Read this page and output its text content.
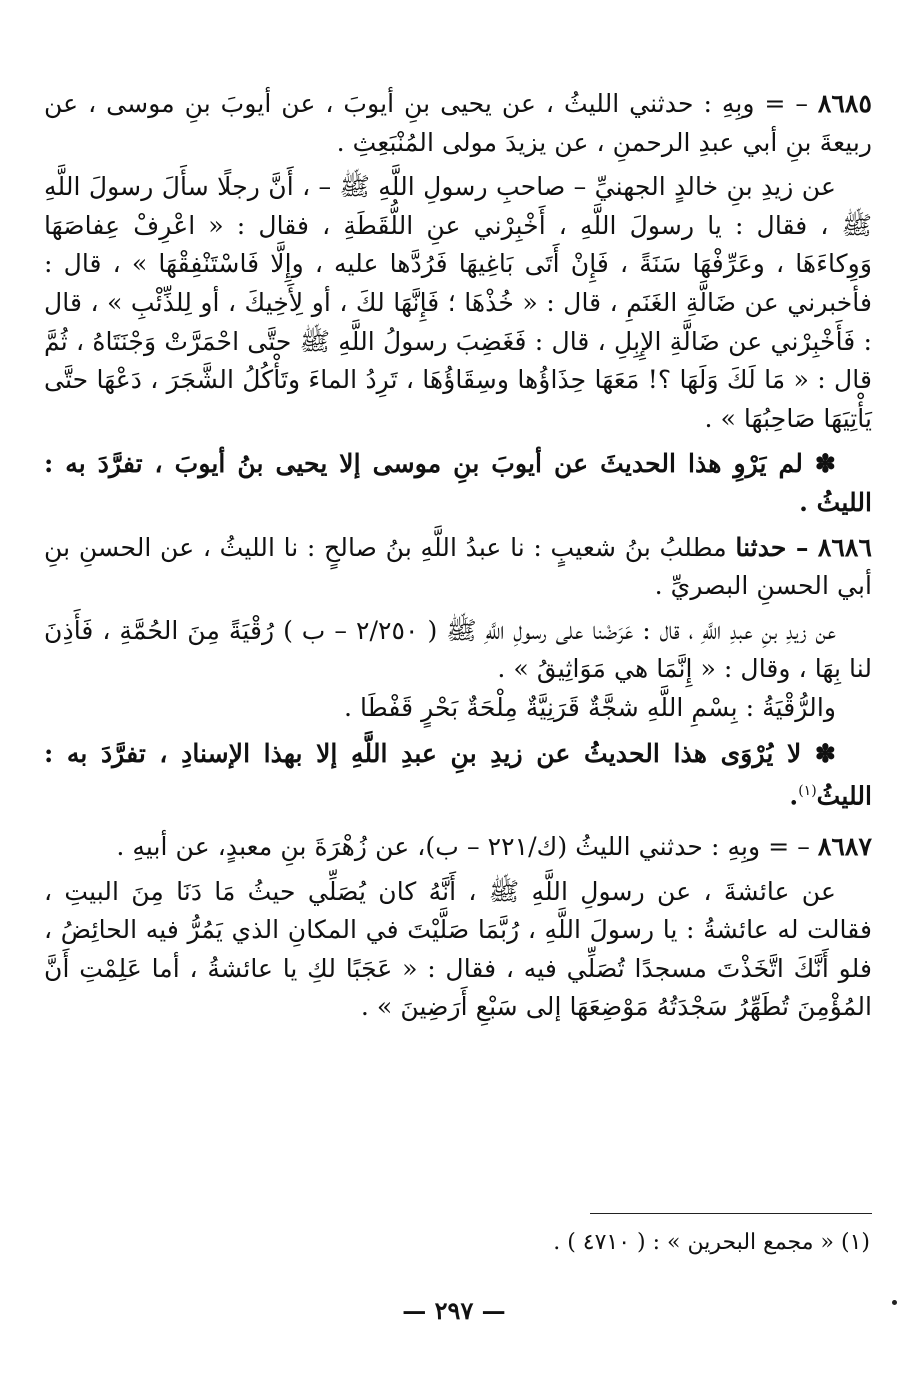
٨٦٨٥ – = وبِهِ : حدثني الليثُ ، عن يحيى بنِ أيوبَ ، عن أيوبَ بنِ موسى ، عن ربيعةَ بنِ أبي عبدِ الرحمنِ ، عن يزيدَ مولى المُنْبَعِثِ .

عن زيدِ بنِ خالدٍ الجهنيِّ – صاحبِ رسولِ اللَّهِ ﷺ – ، أَنَّ رجلًا سأَلَ رسولَ اللَّهِ ﷺ ، فقال : يا رسولَ اللَّهِ ، أَخْبِرْني عنِ اللُّقَطَةِ ، فقال : « اعْرِفْ عِفاصَهَا وَوِكاءَهَا ، وعَرِّفْهَا سَنَةً ، فَإِنْ أَتَى بَاغِيهَا فَرُدَّها عليه ، وإِلَّا فَاسْتَنْفِقْهَا » ، قال : فأخبرني عن ضَالَّةِ الغَنَمِ ، قال : « خُذْهَا ؛ فَإِنَّهَا لكَ ، أو لِأَخِيكَ ، أو لِلذِّئْبِ » ، قال : فَأَخْبِرْني عن ضَالَّةِ الإِبِلِ ، قال : فَغَضِبَ رسولُ اللَّهِ ﷺ حتَّى احْمَرَّتْ وَجْنَتَاهُ ، ثُمَّ قال : « مَا لَكَ وَلَهَا ؟! مَعَهَا حِذَاؤُها وسِقَاؤُهَا ، تَرِدُ الماءَ وتَأْكُلُ الشَّجَرَ ، دَعْهَا حتَّى يَأْتِيَهَا صَاحِبُهَا » .

✽ لم يَرْوِ هذا الحديثَ عن أيوبَ بنِ موسى إلا يحيى بنُ أيوبَ ، تفرَّدَ به : الليثُ .

٨٦٨٦ – حدثنا مطلبُ بنُ شعيبٍ : نا عبدُ اللَّهِ بنُ صالحٍ : نا الليثُ ، عن الحسنِ بنِ أبي الحسنِ البصريِّ .

عن زيدِ بنِ عبدِ اللَّهِ ، قال : عَرَضْنا على رسولِ اللَّهِ ﷺ ( ٢/٢٥٠ – ب ) رُقْيَةً مِنَ الحُمَّةِ ، فَأَذِنَ لنا بِهَا ، وقال : « إِنَّمَا هي مَوَاثِيقُ » .

والرُّقْيَةُ : بِسْمِ اللَّهِ شجَّةٌ قَرَنِيَّةٌ مِلْحَةٌ بَحْرٍ قَفْطَا .

✽ لا يُرْوَى هذا الحديثُ عن زيدِ بنِ عبدِ اللَّهِ إلا بهذا الإسنادِ ، تفرَّدَ به : الليثُ$^{(١)}$.

٨٦٨٧ – = وبِهِ : حدثني الليثُ (ك/٢٢١ – ب)، عن زُهْرَةَ بنِ معبدٍ، عن أبيهِ .

عن عائشةَ ، عن رسولِ اللَّهِ ﷺ ، أَنَّهُ كان يُصَلِّي حيثُ مَا دَنَا مِنَ البيتِ ، فقالت له عائشةُ : يا رسولَ اللَّهِ ، رُبَّمَا صَلَّيْتَ في المكانِ الذي يَمُرُّ فيه الحائِضُ ، فلو أَنَّكَ اتَّخَذْتَ مسجدًا تُصَلِّي فيه ، فقال : « عَجَبًا لكِ يا عائشةُ ، أما عَلِمْتِ أَنَّ المُؤْمِنَ تُطَهِّرُ سَجْدَتُهُ مَوْضِعَهَا إلى سَبْعِ أَرَضِينَ » .

(١) « مجمع البحرين » : ( ٤٧١٠ ) .
— ٢٩٧ —
